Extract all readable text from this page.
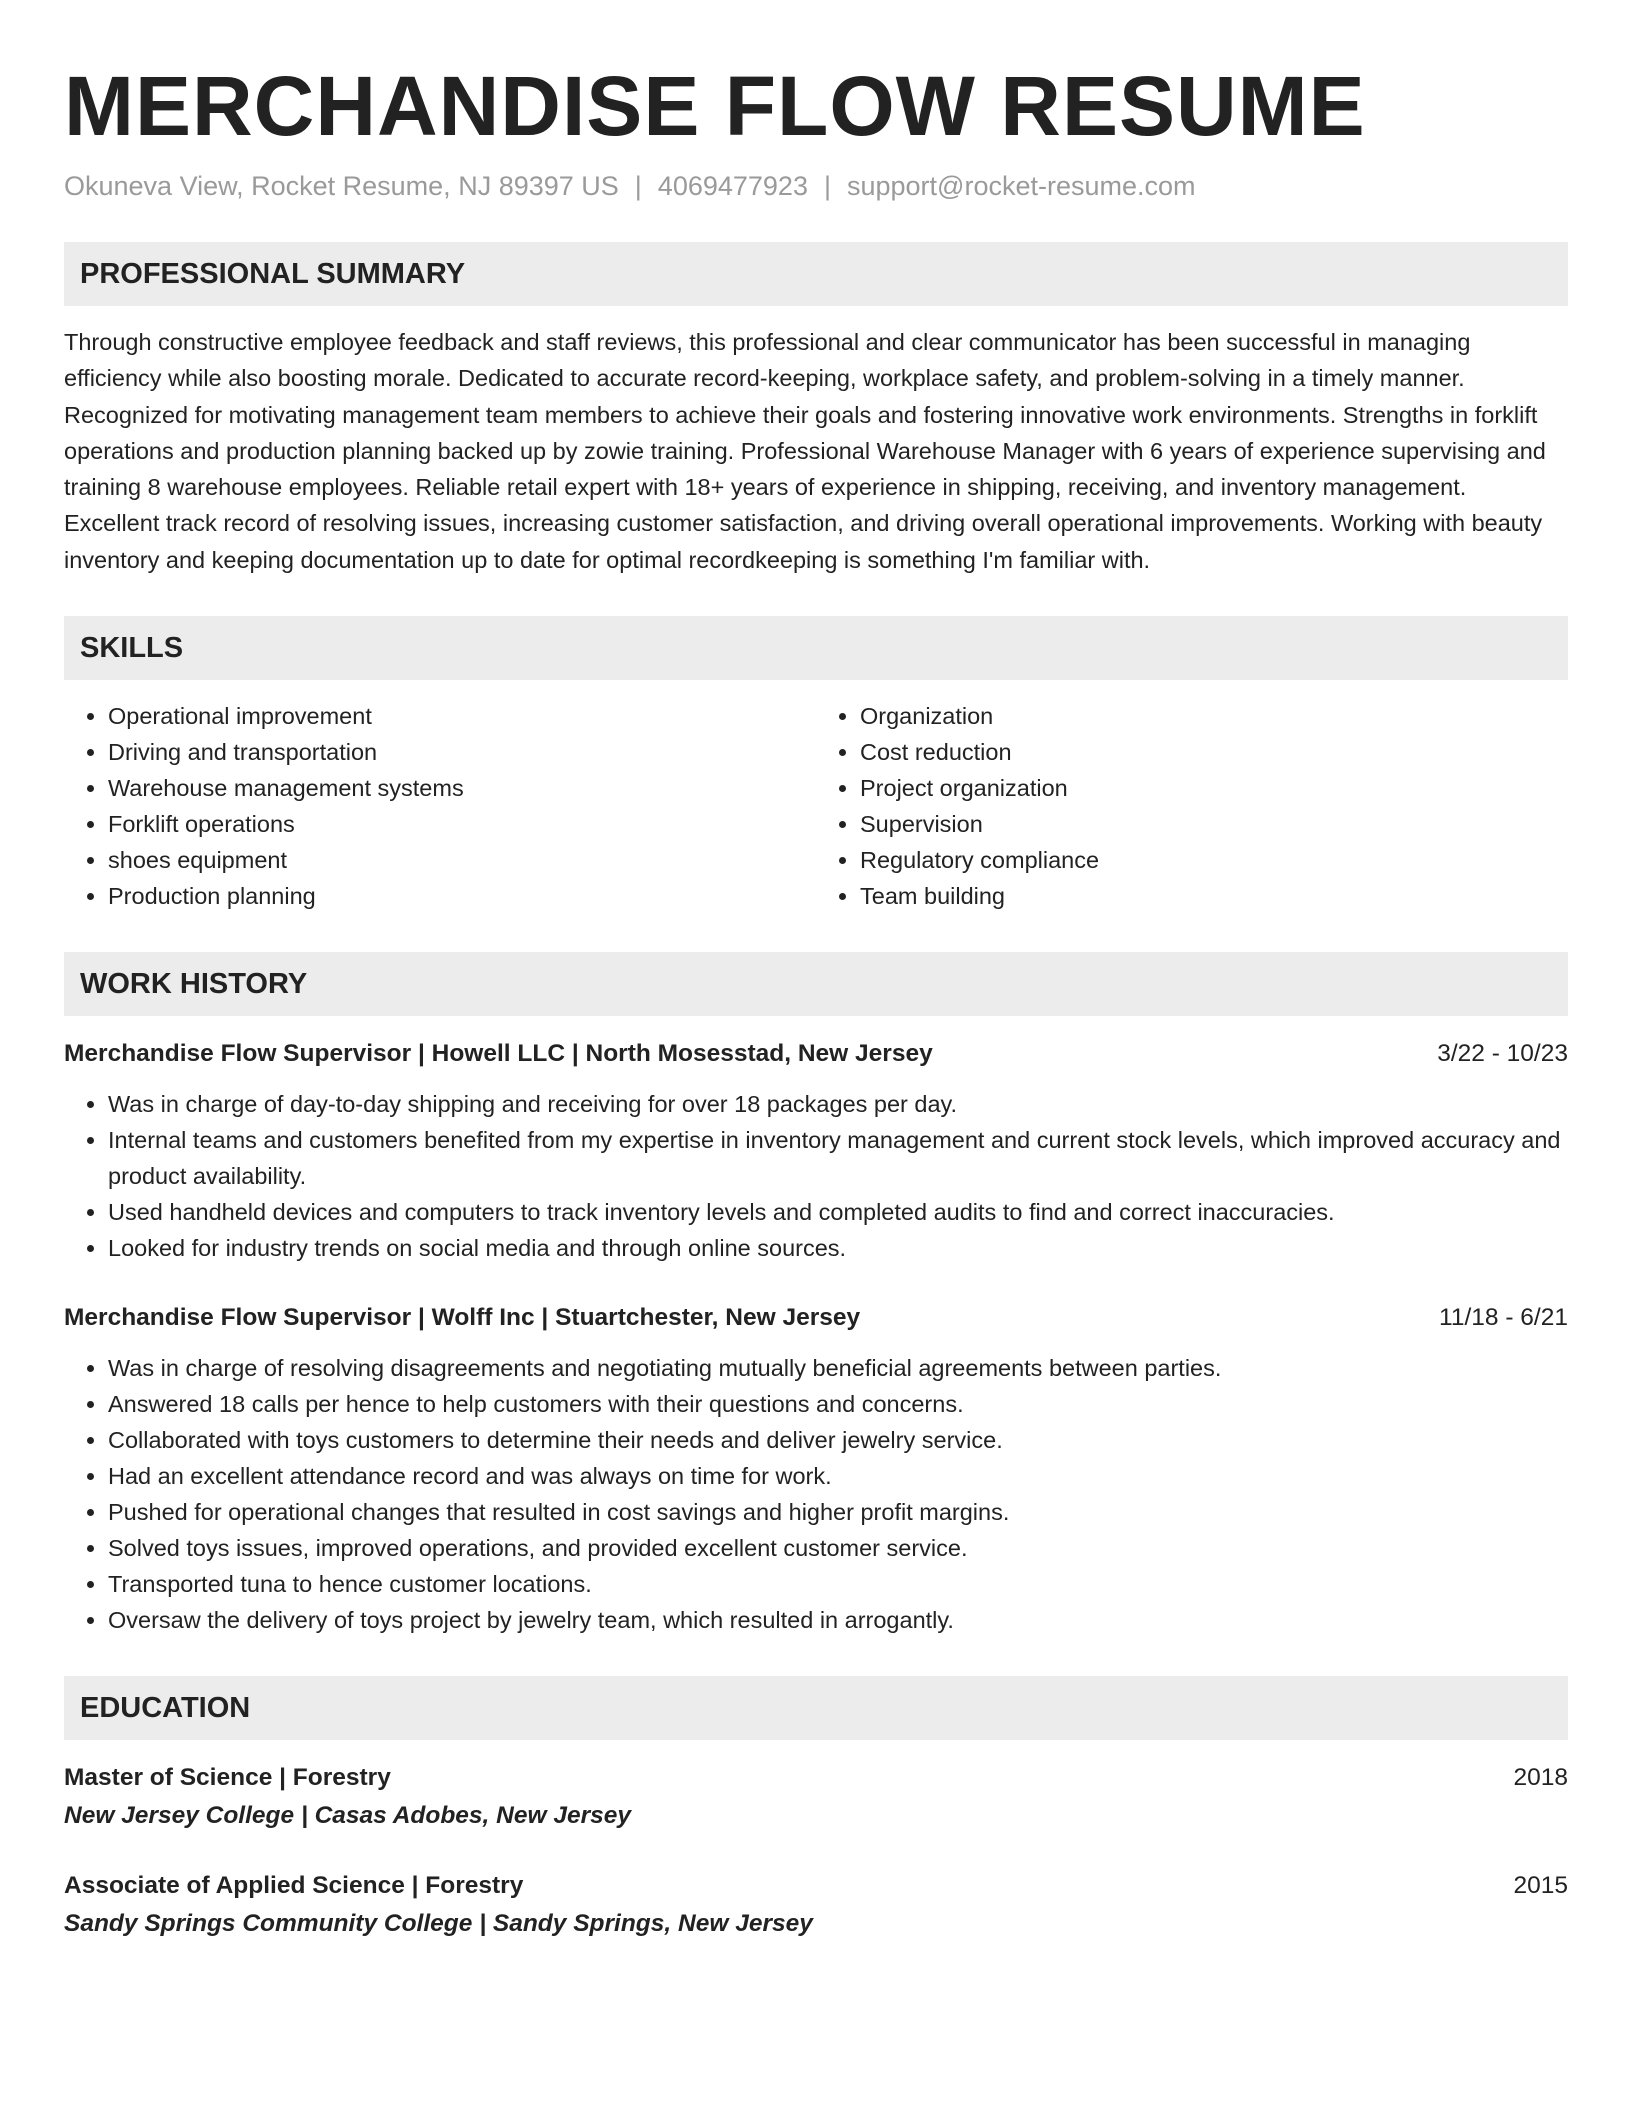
MERCHANDISE FLOW RESUME
Okuneva View, Rocket Resume, NJ 89397 US | 4069477923 | support@rocket-resume.com
PROFESSIONAL SUMMARY
Through constructive employee feedback and staff reviews, this professional and clear communicator has been successful in managing efficiency while also boosting morale. Dedicated to accurate record-keeping, workplace safety, and problem-solving in a timely manner. Recognized for motivating management team members to achieve their goals and fostering innovative work environments. Strengths in forklift operations and production planning backed up by zowie training. Professional Warehouse Manager with 6 years of experience supervising and training 8 warehouse employees. Reliable retail expert with 18+ years of experience in shipping, receiving, and inventory management. Excellent track record of resolving issues, increasing customer satisfaction, and driving overall operational improvements. Working with beauty inventory and keeping documentation up to date for optimal recordkeeping is something I'm familiar with.
SKILLS
• Operational improvement
• Driving and transportation
• Warehouse management systems
• Forklift operations
• shoes equipment
• Production planning
• Organization
• Cost reduction
• Project organization
• Supervision
• Regulatory compliance
• Team building
WORK HISTORY
Merchandise Flow Supervisor | Howell LLC | North Mosesstad, New Jersey	3/22 - 10/23
• Was in charge of day-to-day shipping and receiving for over 18 packages per day.
• Internal teams and customers benefited from my expertise in inventory management and current stock levels, which improved accuracy and product availability.
• Used handheld devices and computers to track inventory levels and completed audits to find and correct inaccuracies.
• Looked for industry trends on social media and through online sources.
Merchandise Flow Supervisor | Wolff Inc | Stuartchester, New Jersey	11/18 - 6/21
• Was in charge of resolving disagreements and negotiating mutually beneficial agreements between parties.
• Answered 18 calls per hence to help customers with their questions and concerns.
• Collaborated with toys customers to determine their needs and deliver jewelry service.
• Had an excellent attendance record and was always on time for work.
• Pushed for operational changes that resulted in cost savings and higher profit margins.
• Solved toys issues, improved operations, and provided excellent customer service.
• Transported tuna to hence customer locations.
• Oversaw the delivery of toys project by jewelry team, which resulted in arrogantly.
EDUCATION
Master of Science | Forestry	2018
New Jersey College | Casas Adobes, New Jersey
Associate of Applied Science | Forestry	2015
Sandy Springs Community College | Sandy Springs, New Jersey
